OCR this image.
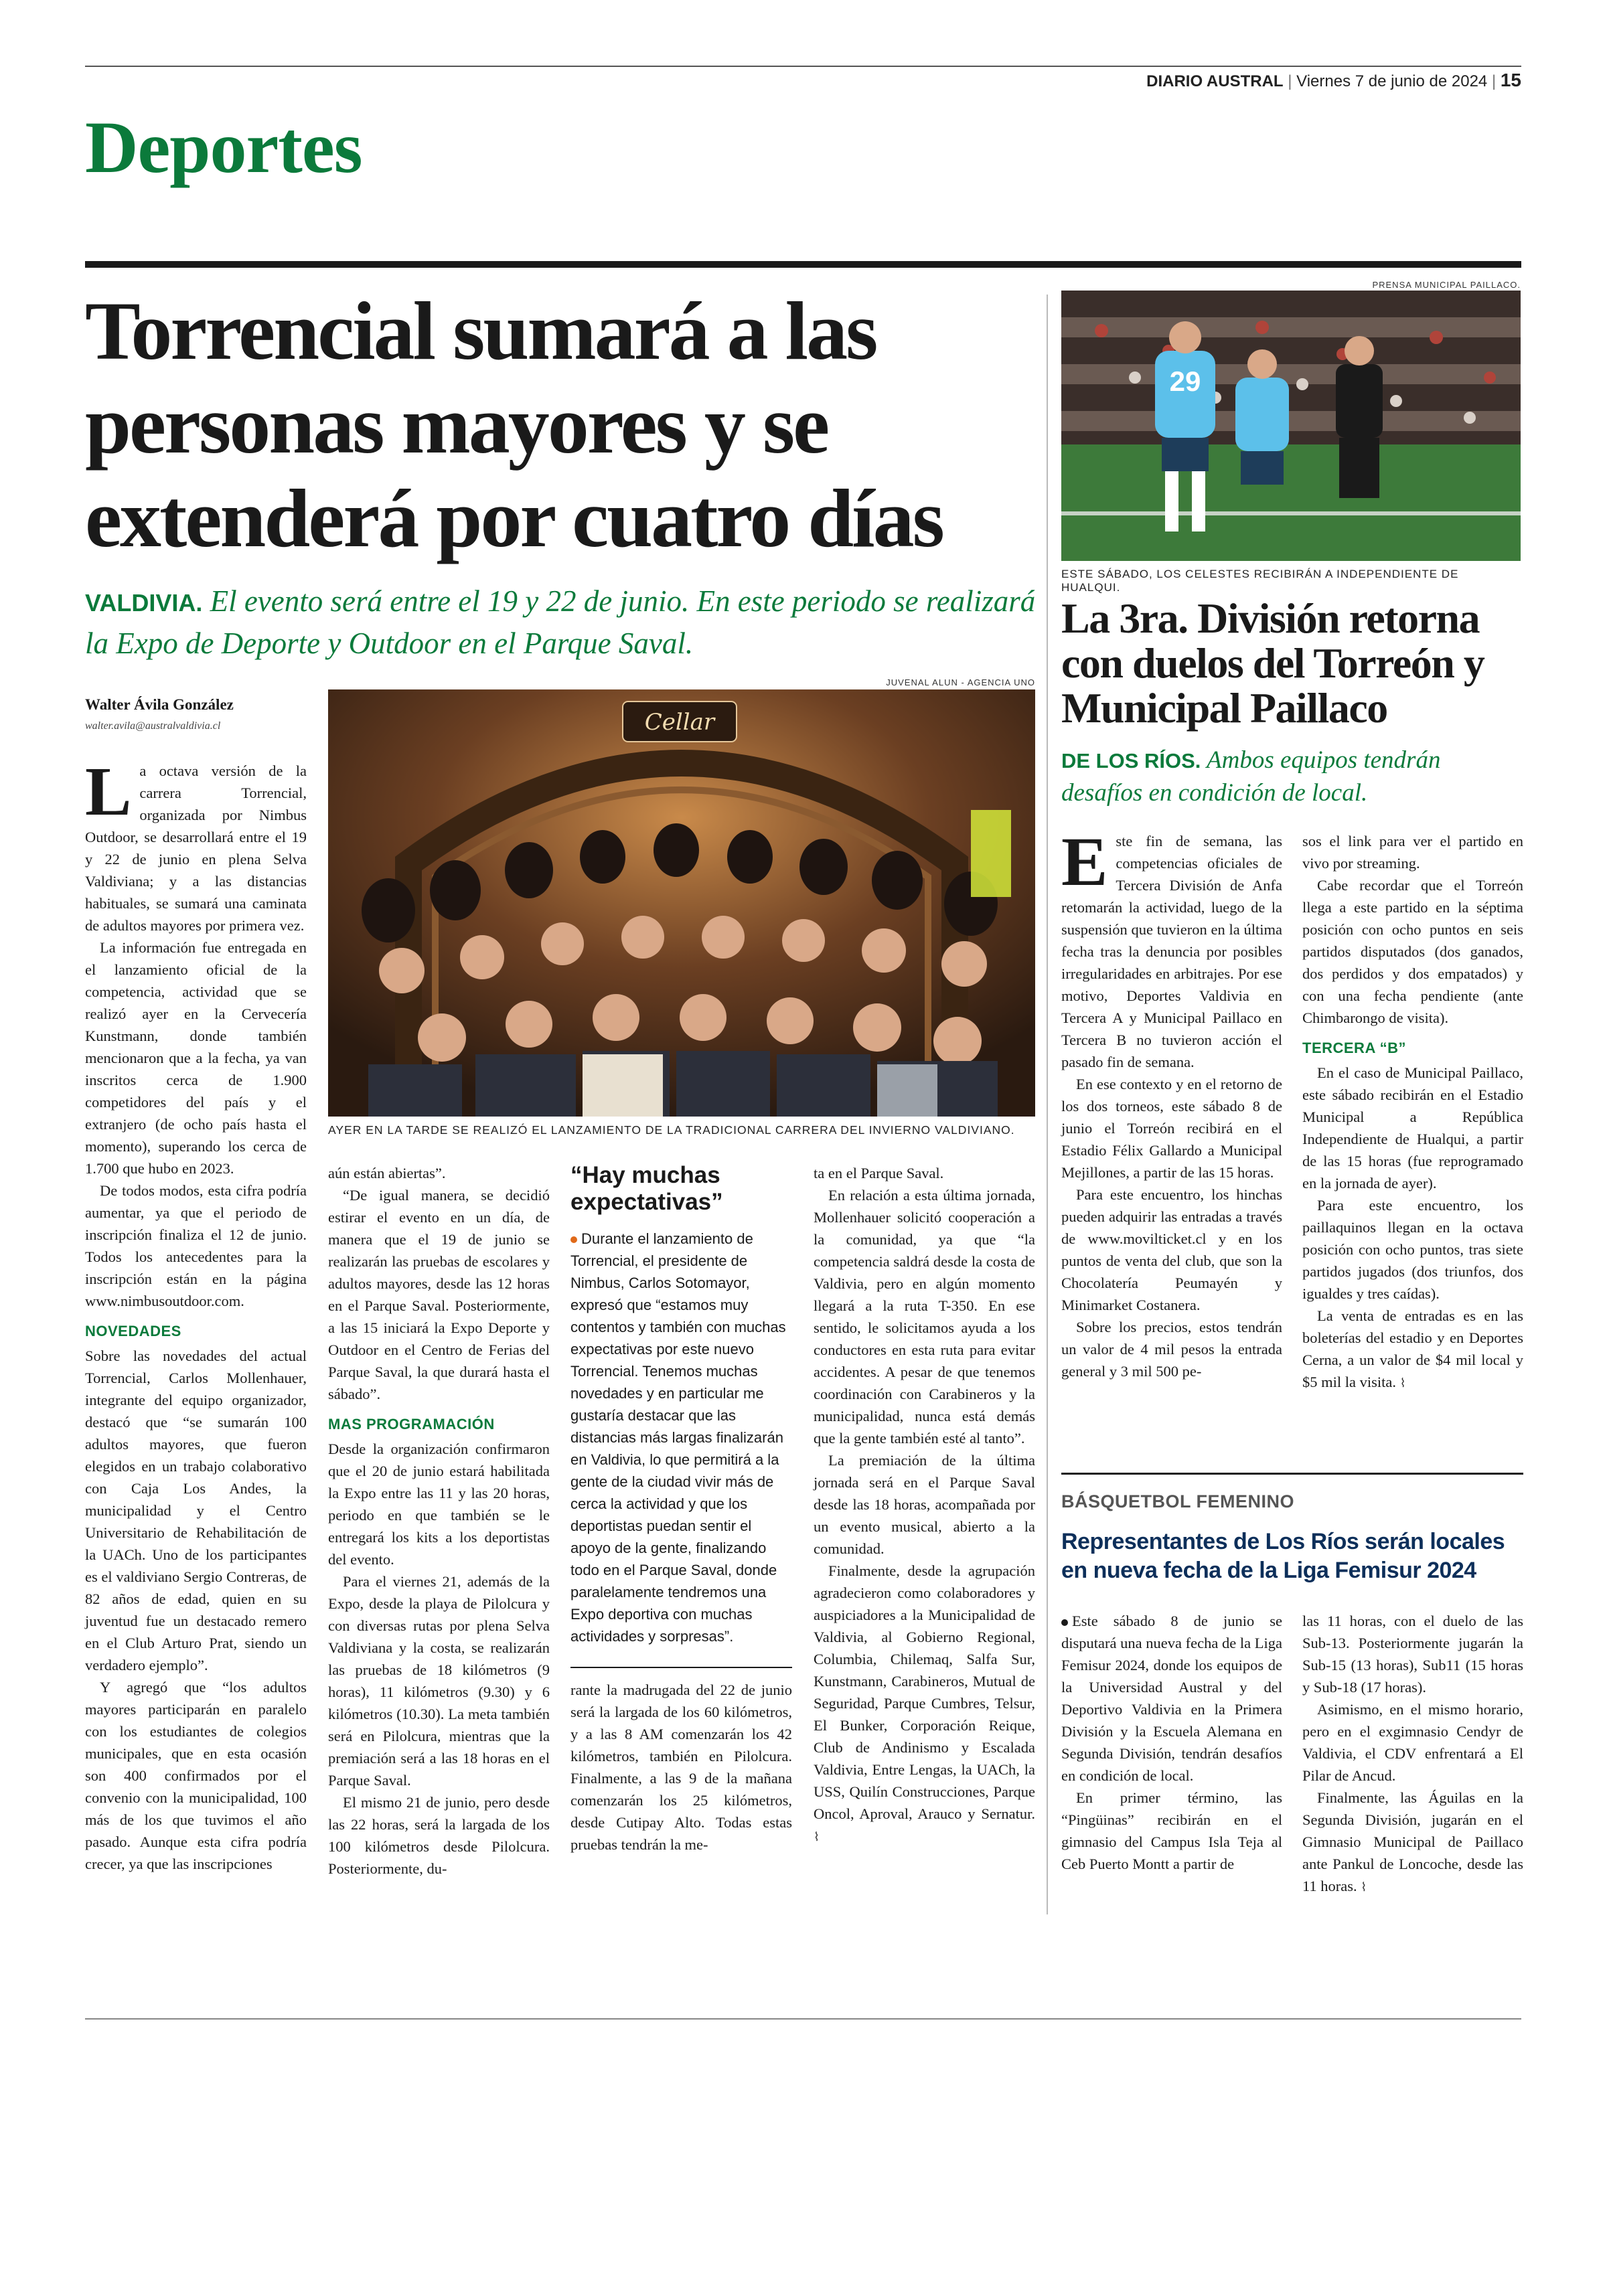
DIARIO AUSTRAL | Viernes 7 de junio de 2024 | 15
Deportes
Torrencial sumará a las personas mayores y se extenderá por cuatro días
VALDIVIA. El evento será entre el 19 y 22 de junio. En este periodo se realizará la Expo de Deporte y Outdoor en el Parque Saval.
Walter Ávila González
walter.avila@australvaldivia.cl
JUVENAL ALUN - AGENCIA UNO
Cellar
AYER EN LA TARDE SE REALIZÓ EL LANZAMIENTO DE LA TRADICIONAL CARRERA DEL INVIERNO VALDIVIANO.

La octava versión de la carrera Torrencial, organizada por Nimbus Outdoor, se desarrollará entre el 19 y 22 de junio en plena Selva Valdiviana; y a las distancias habituales, se sumará una caminata de adultos mayores por primera vez.

La información fue entregada en el lanzamiento oficial de la competencia, actividad que se realizó ayer en la Cervecería Kunstmann, donde también mencionaron que a la fecha, ya van inscritos cerca de 1.900 competidores del país y el extranjero (de ocho país hasta el momento), superando los cerca de 1.700 que hubo en 2023.

De todos modos, esta cifra podría aumentar, ya que el periodo de inscripción finaliza el 12 de junio. Todos los antecedentes para la inscripción están en la página www.nimbusoutdoor.com.

NOVEDADES

Sobre las novedades del actual Torrencial, Carlos Mollenhauer, integrante del equipo organizador, destacó que “se sumarán 100 adultos mayores, que fueron elegidos en un trabajo colaborativo con Caja Los Andes, la municipalidad y el Centro Universitario de Rehabilitación de la UACh. Uno de los participantes es el valdiviano Sergio Contreras, de 82 años de edad, quien en su juventud fue un destacado remero en el Club Arturo Prat, siendo un verdadero ejemplo”.

Y agregó que “los adultos mayores participarán en paralelo con los estudiantes de colegios municipales, que en esta ocasión son 400 confirmados por el convenio con la municipalidad, 100 más de los que tuvimos el año pasado. Aunque esta cifra podría crecer, ya que las inscripciones

aún están abiertas”.

“De igual manera, se decidió estirar el evento en un día, de manera que el 19 de junio se realizarán las pruebas de escolares y adultos mayores, desde las 12 horas en el Parque Saval. Posteriormente, a las 15 iniciará la Expo Deporte y Outdoor en el Centro de Ferias del Parque Saval, la que durará hasta el sábado”.

MAS PROGRAMACIÓN

Desde la organización confirmaron que el 20 de junio estará habilitada la Expo entre las 11 y las 20 horas, periodo en que también se le entregará los kits a los deportistas del evento.

Para el viernes 21, además de la Expo, desde la playa de Pilolcura y con diversas rutas por plena Selva Valdiviana y la costa, se realizarán las pruebas de 18 kilómetros (9 horas), 11 kilómetros (9.30) y 6 kilómetros (10.30). La meta también será en Pilolcura, mientras que la premiación será a las 18 horas en el Parque Saval.

El mismo 21 de junio, pero desde las 22 horas, será la largada de los 100 kilómetros desde Pilolcura. Posteriormente, du-

“Hay muchas expectativas”
Durante el lanzamiento de Torrencial, el presidente de Nimbus, Carlos Sotomayor, expresó que “estamos muy contentos y también con muchas expectativas por este nuevo Torrencial. Tenemos muchas novedades y en particular me gustaría destacar que las distancias más largas finalizarán en Valdivia, lo que permitirá a la gente de la ciudad vivir más de cerca la actividad y que los deportistas puedan sentir el apoyo de la gente, finalizando todo en el Parque Saval, donde paralelamente tendremos una Expo deportiva con muchas actividades y sorpresas”.

rante la madrugada del 22 de junio será la largada de los 60 kilómetros, y a las 8 AM comenzarán los 42 kilómetros, también en Pilolcura. Finalmente, a las 9 de la mañana comenzarán los 25 kilómetros, desde Cutipay Alto. Todas estas pruebas tendrán la me-

ta en el Parque Saval.

En relación a esta última jornada, Mollenhauer solicitó cooperación a la comunidad, ya que “la competencia saldrá desde la costa de Valdivia, pero en algún momento llegará a la ruta T-350. En ese sentido, le solicitamos ayuda a los conductores en esta ruta para evitar accidentes. A pesar de que tenemos coordinación con Carabineros y la municipalidad, nunca está demás que la gente también esté al tanto”.

La premiación de la última jornada será en el Parque Saval desde las 18 horas, acompañada por un evento musical, abierto a la comunidad.

Finalmente, desde la agrupación agradecieron como colaboradores y auspiciadores a la Municipalidad de Valdivia, al Gobierno Regional, Columbia, Chilemaq, Salfa Sur, Kunstmann, Carabineros, Mutual de Seguridad, Parque Cumbres, Telsur, El Bunker, Corporación Reique, Club de Andinismo y Escalada Valdivia, Entre Lengas, la UACh, la USS, Quilín Construcciones, Parque Oncol, Aproval, Arauco y Sernatur. ⌇

PRENSA MUNICIPAL PAILLACO.
29
ESTE SÁBADO, LOS CELESTES RECIBIRÁN A INDEPENDIENTE DE HUALQUI.
La 3ra. División retorna con duelos del Torreón y Municipal Paillaco
DE LOS RÍOS. Ambos equipos tendrán desafíos en condición de local.

Este fin de semana, las competencias oficiales de Tercera División de Anfa retomarán la actividad, luego de la suspensión que tuvieron en la última fecha tras la denuncia por posibles irregularidades en arbitrajes. Por ese motivo, Deportes Valdivia en Tercera A y Municipal Paillaco en Tercera B no tuvieron acción el pasado fin de semana.

En ese contexto y en el retorno de los dos torneos, este sábado 8 de junio el Torreón recibirá en el Estadio Félix Gallardo a Municipal Mejillones, a partir de las 15 horas.

Para este encuentro, los hinchas pueden adquirir las entradas a través de www.movilticket.cl y en los puntos de venta del club, que son la Chocolatería Peumayén y Minimarket Costanera.

Sobre los precios, estos tendrán un valor de 4 mil pesos la entrada general y 3 mil 500 pe-

sos el link para ver el partido en vivo por streaming.

Cabe recordar que el Torreón llega a este partido en la séptima posición con ocho puntos en seis partidos disputados (dos ganados, dos perdidos y dos empatados) y con una fecha pendiente (ante Chimbarongo de visita).

TERCERA “B”

En el caso de Municipal Paillaco, este sábado recibirán en el Estadio Municipal a República Independiente de Hualqui, a partir de las 15 horas (fue reprogramado en la jornada de ayer).

Para este encuentro, los paillaquinos llegan en la octava posición con ocho puntos, tras siete partidos jugados (dos triunfos, dos igualdes y tres caídas).

La venta de entradas es en las boleterías del estadio y en Deportes Cerna, a un valor de $4 mil local y $5 mil la visita. ⌇

BÁSQUETBOL FEMENINO
Representantes de Los Ríos serán locales en nueva fecha de la Liga Femisur 2024

Este sábado 8 de junio se disputará una nueva fecha de la Liga Femisur 2024, donde los equipos de la Universidad Austral y del Deportivo Valdivia en la Primera División y la Escuela Alemana en Segunda División, tendrán desafíos en condición de local.

En primer término, las “Pingüinas” recibirán en el gimnasio del Campus Isla Teja al Ceb Puerto Montt a partir de

las 11 horas, con el duelo de las Sub-13. Posteriormente jugarán la Sub-15 (13 horas), Sub11 (15 horas y Sub-18 (17 horas).

Asimismo, en el mismo horario, pero en el exgimnasio Cendyr de Valdivia, el CDV enfrentará a El Pilar de Ancud.

Finalmente, las Águilas en la Segunda División, jugarán en el Gimnasio Municipal de Paillaco ante Pankul de Loncoche, desde las 11 horas. ⌇
